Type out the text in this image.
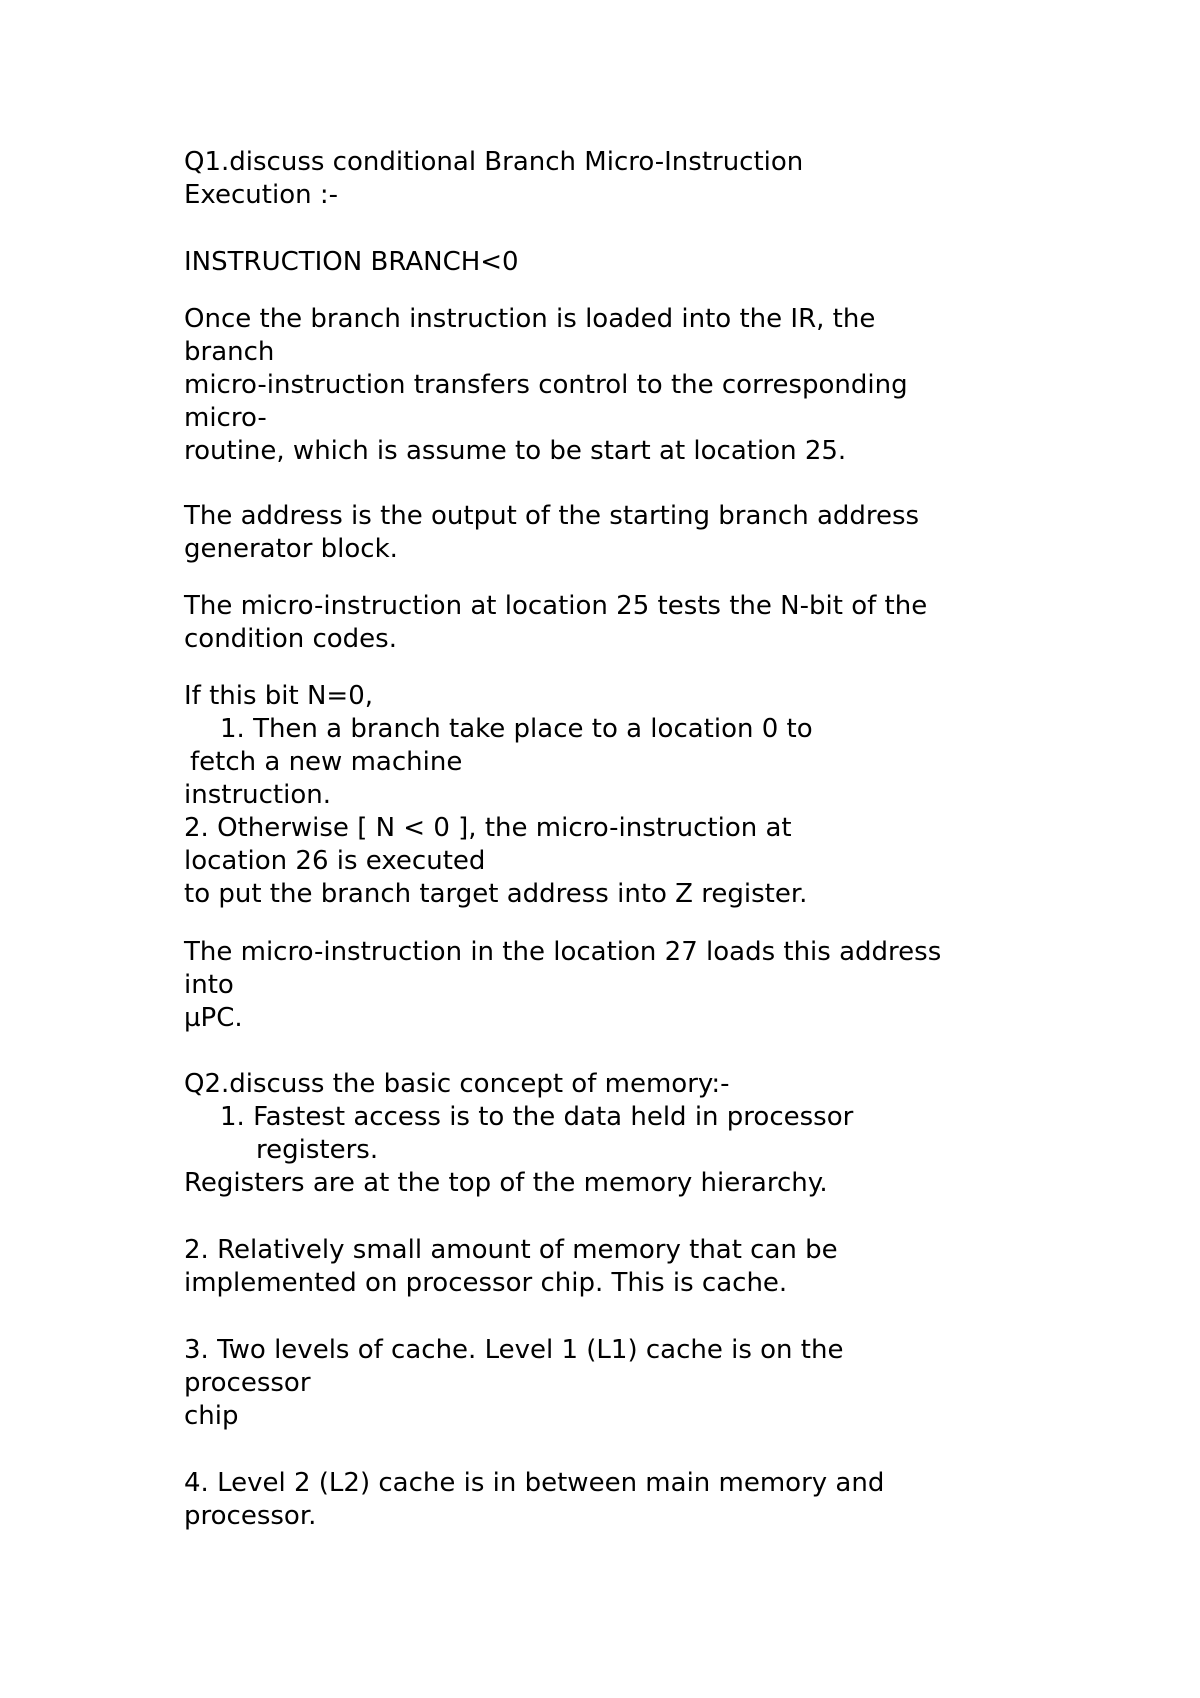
Q1.discuss conditional Branch Micro-Instruction

Execution :-

INSTRUCTION BRANCH<0

Once the branch instruction is loaded into the IR, the

branch

micro-instruction transfers control to the corresponding

micro-

routine, which is assume to be start at location 25.

The address is the output of the starting branch address

generator block.

The micro-instruction at location 25 tests the N-bit of the

condition codes.

If this bit N=0,

1. Then a branch take place to a location 0 to

fetch a new machine

instruction.

2. Otherwise [ N < 0 ], the micro-instruction at

location 26 is executed

to put the branch target address into Z register.

The micro-instruction in the location 27 loads this address

into

µPC.

Q2.discuss the basic concept of memory:-

1. Fastest access is to the data held in processor

registers.

Registers are at the top of the memory hierarchy.

2. Relatively small amount of memory that can be

implemented on processor chip. This is cache.

3. Two levels of cache. Level 1 (L1) cache is on the

processor

chip

4. Level 2 (L2) cache is in between main memory and

processor.
